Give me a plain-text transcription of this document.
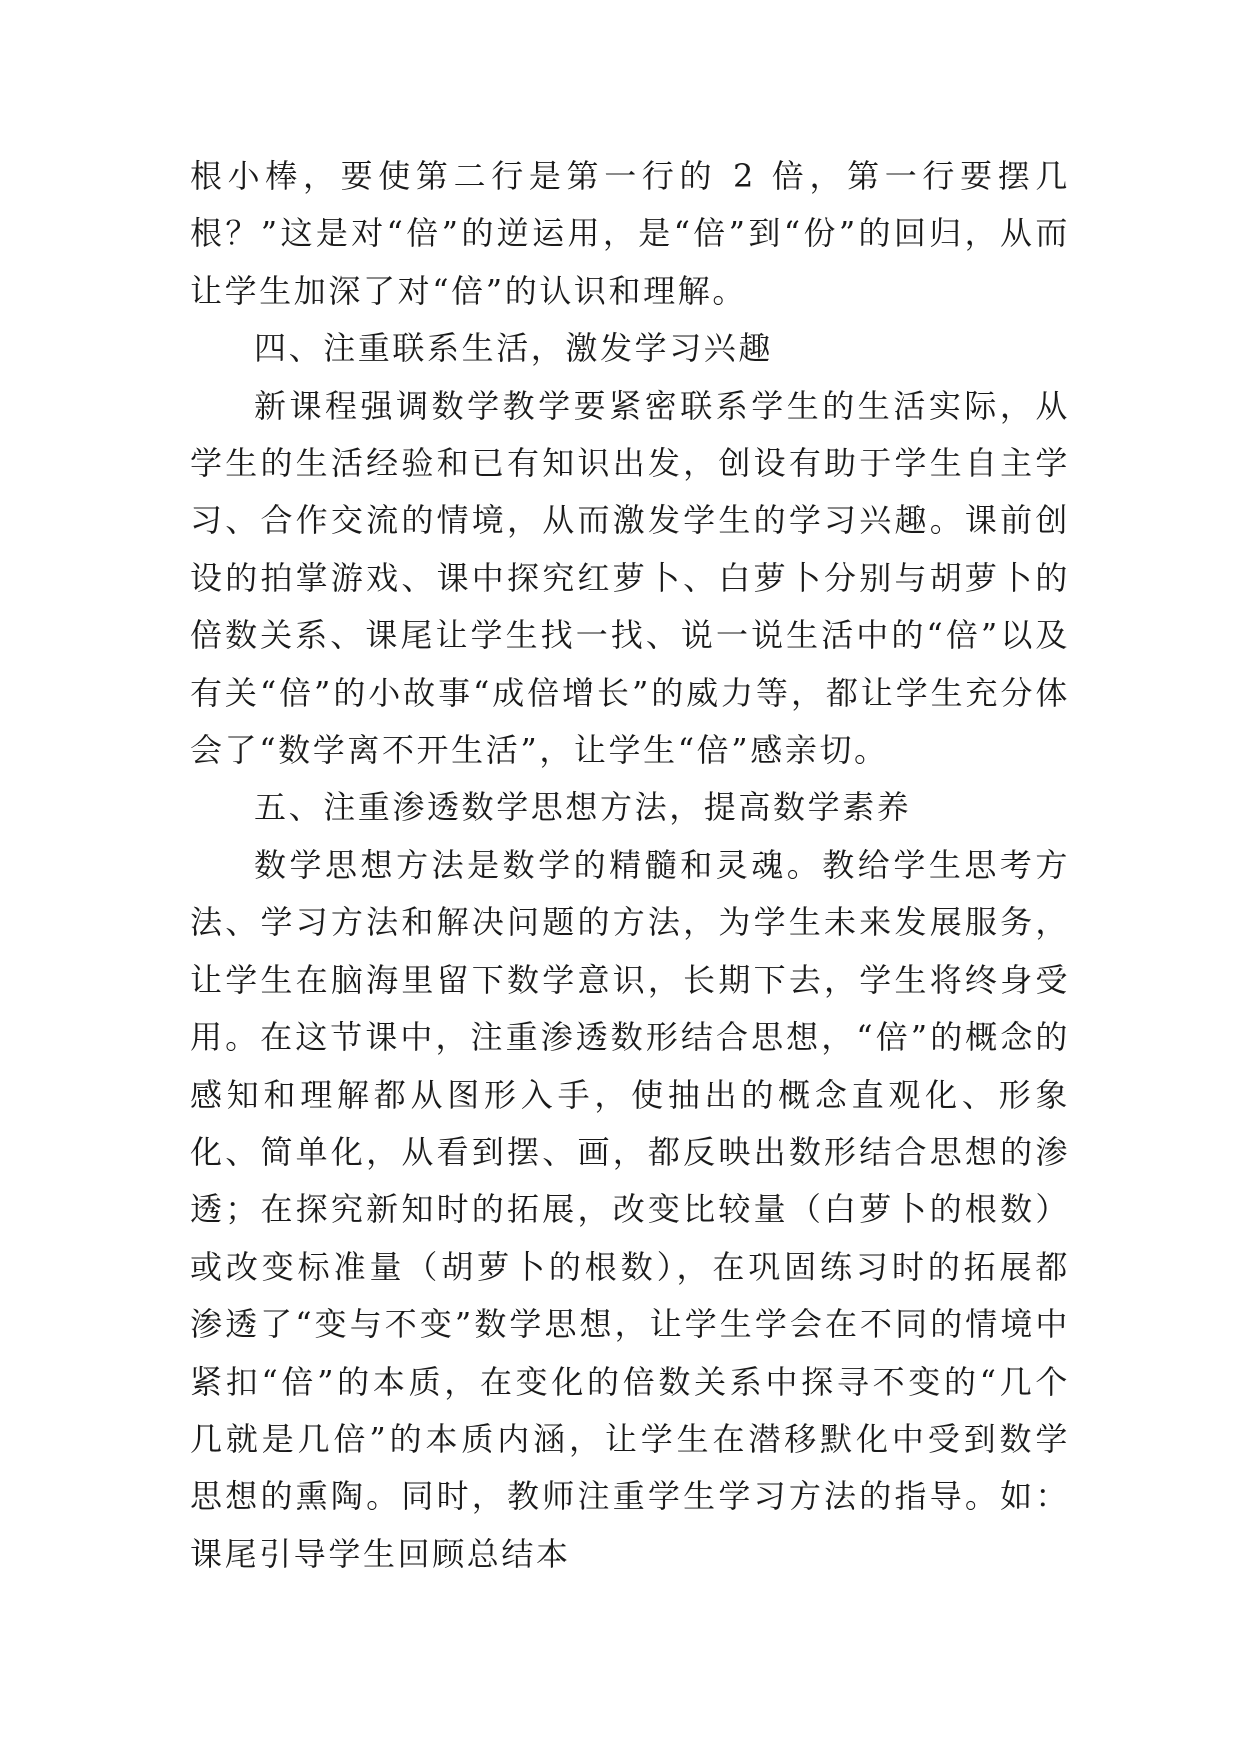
根小棒，要使第二行是第一行的 2 倍，第一行要摆几根？”这是对“倍”的逆运用，是“倍”到“份”的回归，从而让学生加深了对“倍”的认识和理解。

四、注重联系生活，激发学习兴趣

新课程强调数学教学要紧密联系学生的生活实际，从学生的生活经验和已有知识出发，创设有助于学生自主学习、合作交流的情境，从而激发学生的学习兴趣。课前创设的拍掌游戏、课中探究红萝卜、白萝卜分别与胡萝卜的倍数关系、课尾让学生找一找、说一说生活中的“倍”以及有关“倍”的小故事“成倍增长”的威力等，都让学生充分体会了“数学离不开生活”，让学生“倍”感亲切。

五、注重渗透数学思想方法，提高数学素养

数学思想方法是数学的精髓和灵魂。教给学生思考方法、学习方法和解决问题的方法，为学生未来发展服务，让学生在脑海里留下数学意识，长期下去，学生将终身受用。在这节课中，注重渗透数形结合思想，“倍”的概念的感知和理解都从图形入手，使抽出的概念直观化、形象化、简单化，从看到摆、画，都反映出数形结合思想的渗透；在探究新知时的拓展，改变比较量（白萝卜的根数）或改变标准量（胡萝卜的根数），在巩固练习时的拓展都渗透了“变与不变”数学思想，让学生学会在不同的情境中紧扣“倍”的本质，在变化的倍数关系中探寻不变的“几个几就是几倍”的本质内涵，让学生在潜移默化中受到数学思想的熏陶。同时，教师注重学生学习方法的指导。如：课尾引导学生回顾总结本
